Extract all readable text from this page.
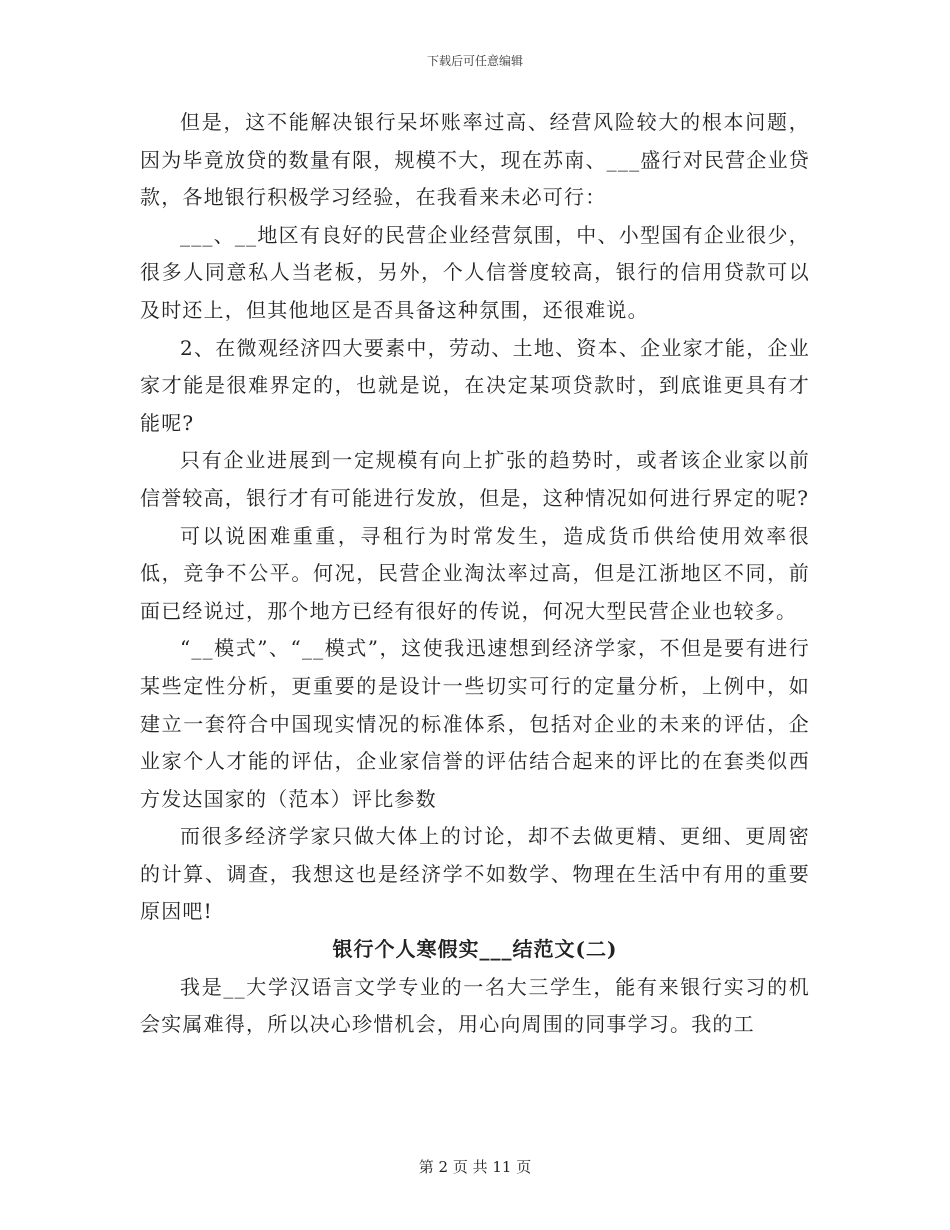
下载后可任意编辑

但是，这不能解决银行呆坏账率过高、经营风险较大的根本问题，因为毕竟放贷的数量有限，规模不大，现在苏南、___盛行对民营企业贷款，各地银行积极学习经验，在我看来未必可行：

___、__地区有良好的民营企业经营氛围，中、小型国有企业很少，很多人同意私人当老板，另外，个人信誉度较高，银行的信用贷款可以及时还上，但其他地区是否具备这种氛围，还很难说。

2、在微观经济四大要素中，劳动、土地、资本、企业家才能，企业家才能是很难界定的，也就是说，在决定某项贷款时，到底谁更具有才能呢?

只有企业进展到一定规模有向上扩张的趋势时，或者该企业家以前信誉较高，银行才有可能进行发放，但是，这种情况如何进行界定的呢?

可以说困难重重，寻租行为时常发生，造成货币供给使用效率很低，竞争不公平。何况，民营企业淘汰率过高，但是江浙地区不同，前面已经说过，那个地方已经有很好的传说，何况大型民营企业也较多。

“__模式”、“__模式”，这使我迅速想到经济学家，不但是要有进行某些定性分析，更重要的是设计一些切实可行的定量分析，上例中，如建立一套符合中国现实情况的标准体系，包括对企业的未来的评估，企业家个人才能的评估，企业家信誉的评估结合起来的评比的在套类似西方发达国家的（范本）评比参数

而很多经济学家只做大体上的讨论，却不去做更精、更细、更周密的计算、调查，我想这也是经济学不如数学、物理在生活中有用的重要原因吧!

银行个人寒假实___结范文(二)

我是__大学汉语言文学专业的一名大三学生，能有来银行实习的机会实属难得，所以决心珍惜机会，用心向周围的同事学习。我的工

第 2 页 共 11 页
